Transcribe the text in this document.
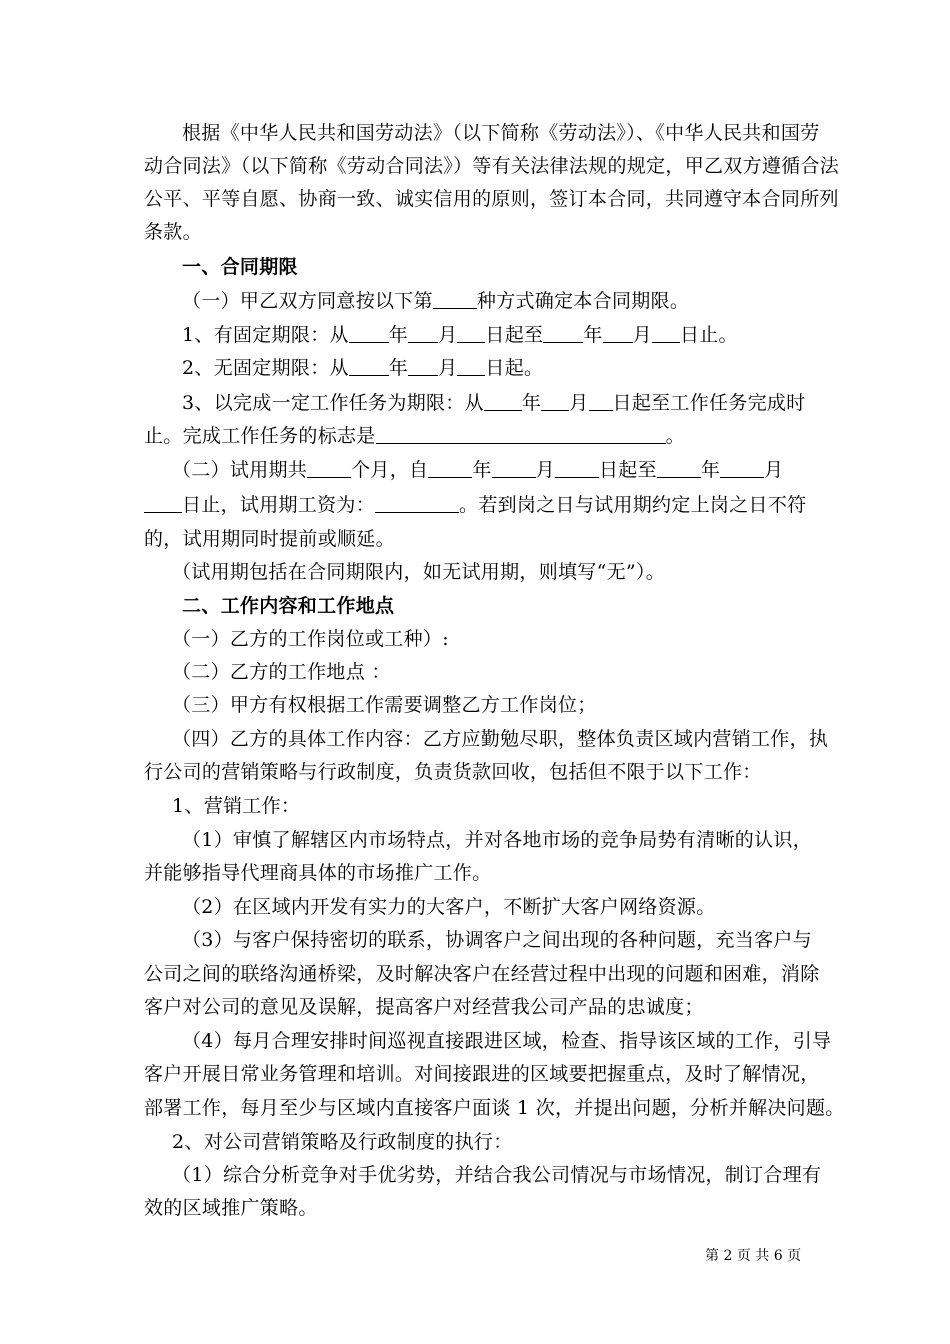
根据《中华人民共和国劳动法》（以下简称《劳动法》）、《中华人民共和国劳
动合同法》（以下简称《劳动合同法》）等有关法律法规的规定，甲乙双方遵循合法
公平、平等自愿、协商一致、诚实信用的原则，签订本合同，共同遵守本合同所列
条款。
一、合同期限
（一）甲乙双方同意按以下第 种方式确定本合同期限。
1、有固定期限：从 年 月 日起至 年 月 日止。
2、无固定期限：从 年 月 日起。
3、以完成一定工作任务为期限：从 年 月 日起至工作任务完成时
止。完成工作任务的标志是	。
（二）试用期共 个月，自 年 月 日起至 年 月
日止，试用期工资为：	。若到岗之日与试用期约定上岗之日不符
的，试用期同时提前或顺延。
（试用期包括在合同期限内，如无试用期，则填写“无”）。
二、工作内容和工作地点
（一）乙方的工作岗位或工种）:
（二）乙方的工作地点 ：
（三）甲方有权根据工作需要调整乙方工作岗位；
（四）乙方的具体工作内容：乙方应勤勉尽职，整体负责区域内营销工作，执
行公司的营销策略与行政制度，负责货款回收，包括但不限于以下工作：
1、营销工作：
（1）审慎了解辖区内市场特点，并对各地市场的竞争局势有清晰的认识，
并能够指导代理商具体的市场推广工作。
（2）在区域内开发有实力的大客户，不断扩大客户网络资源。
（3）与客户保持密切的联系，协调客户之间出现的各种问题，充当客户与
公司之间的联络沟通桥梁，及时解决客户在经营过程中出现的问题和困难，消除
客户对公司的意见及误解，提高客户对经营我公司产品的忠诚度；
（4）每月合理安排时间巡视直接跟进区域，检查、指导该区域的工作，引导
客户开展日常业务管理和培训。对间接跟进的区域要把握重点，及时了解情况，
部署工作，每月至少与区域内直接客户面谈 1 次，并提出问题，分析并解决问题。
2、对公司营销策略及行政制度的执行：
（1）综合分析竞争对手优劣势，并结合我公司情况与市场情况，制订合理有
效的区域推广策略。
第 2 页 共 6 页
